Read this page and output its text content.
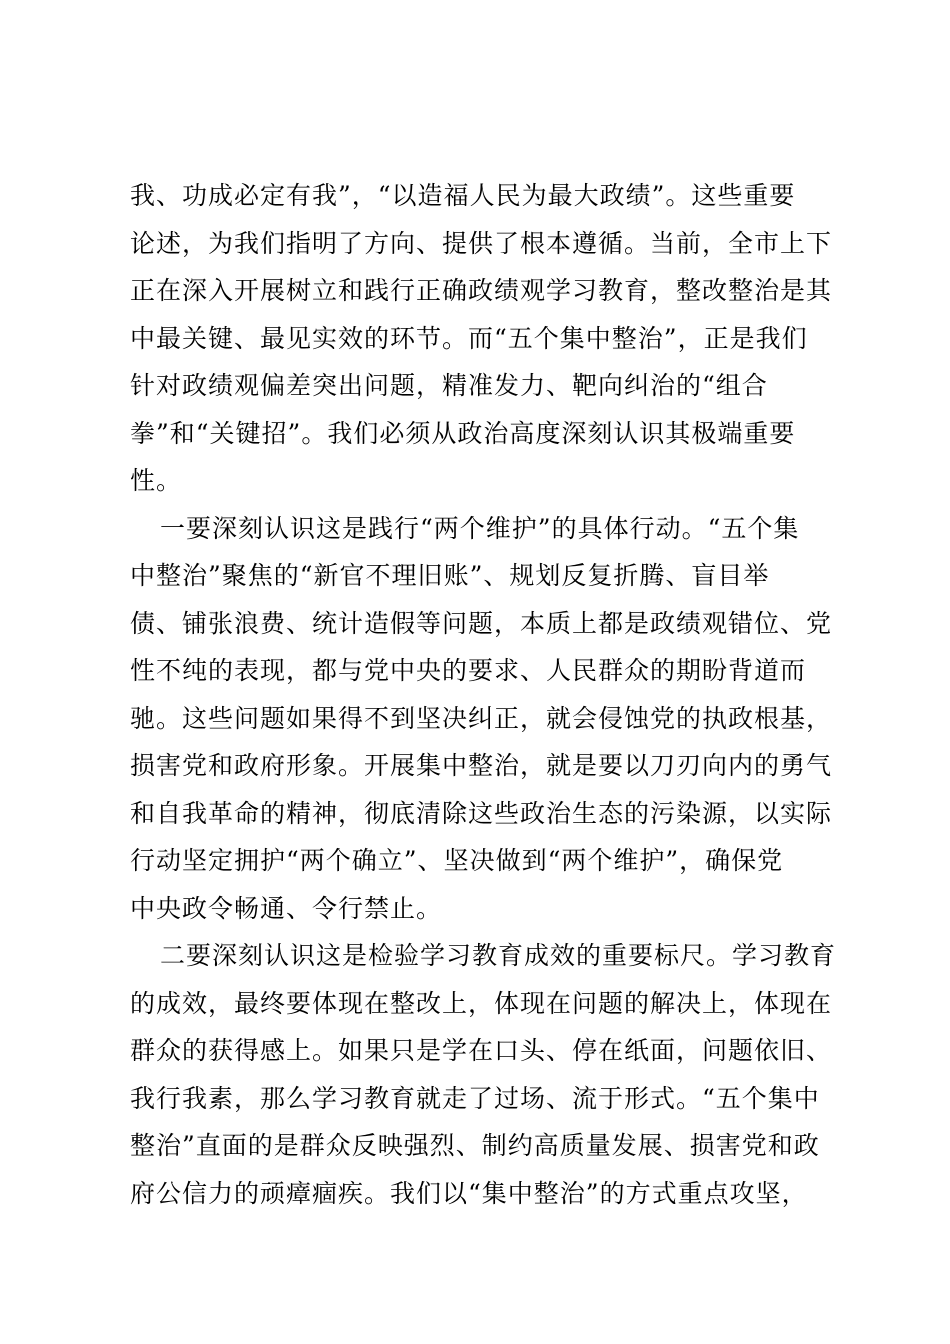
我、功成必定有我”，“以造福人民为最大政绩”。这些重要
论述，为我们指明了方向、提供了根本遵循。当前，全市上下
正在深入开展树立和践行正确政绩观学习教育，整改整治是其
中最关键、最见实效的环节。而“五个集中整治”，正是我们
针对政绩观偏差突出问题，精准发力、靶向纠治的“组合
拳”和“关键招”。我们必须从政治高度深刻认识其极端重要
性。
一要深刻认识这是践行“两个维护”的具体行动。“五个集
中整治”聚焦的“新官不理旧账”、规划反复折腾、盲目举
债、铺张浪费、统计造假等问题，本质上都是政绩观错位、党
性不纯的表现，都与党中央的要求、人民群众的期盼背道而
驰。这些问题如果得不到坚决纠正，就会侵蚀党的执政根基，
损害党和政府形象。开展集中整治，就是要以刀刃向内的勇气
和自我革命的精神，彻底清除这些政治生态的污染源，以实际
行动坚定拥护“两个确立”、坚决做到“两个维护”，确保党
中央政令畅通、令行禁止。
二要深刻认识这是检验学习教育成效的重要标尺。学习教育
的成效，最终要体现在整改上，体现在问题的解决上，体现在
群众的获得感上。如果只是学在口头、停在纸面，问题依旧、
我行我素，那么学习教育就走了过场、流于形式。“五个集中
整治”直面的是群众反映强烈、制约高质量发展、损害党和政
府公信力的顽瘴痼疾。我们以“集中整治”的方式重点攻坚，
